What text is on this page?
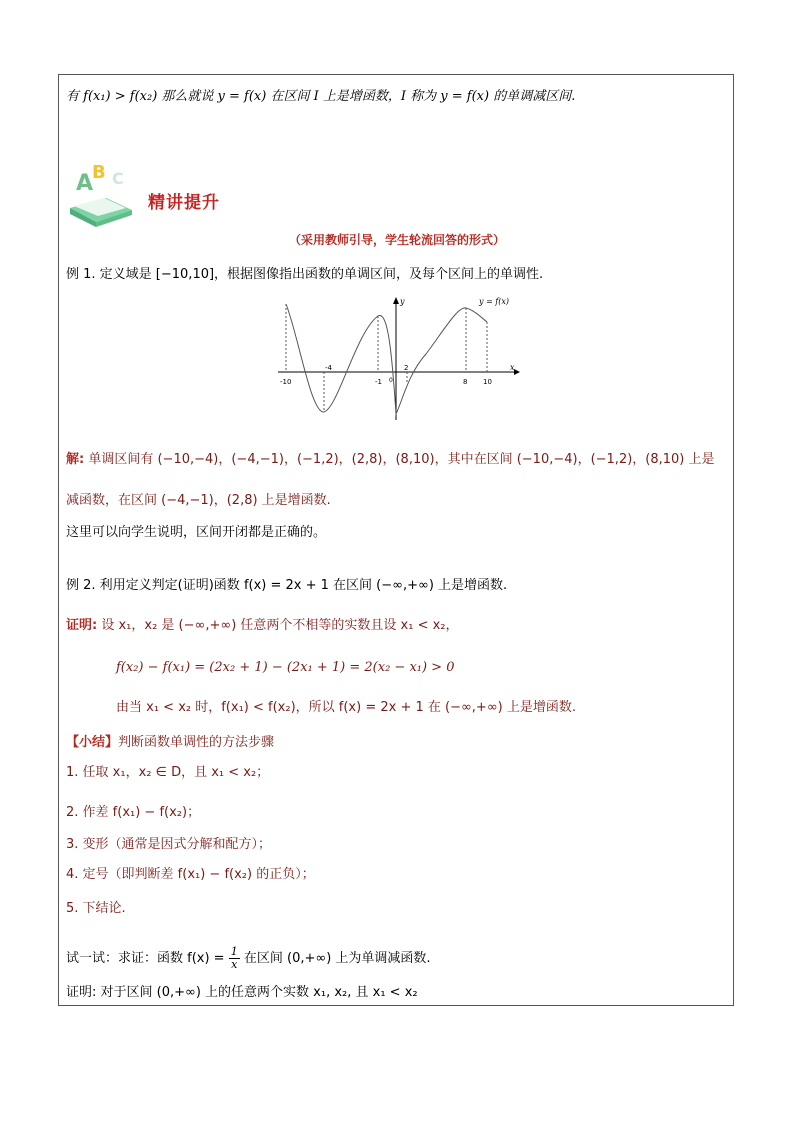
有 f(x₁) > f(x₂) 那么就说 y = f(x) 在区间 I 上是增函数，I 称为 y = f(x) 的单调减区间.
A
B C
精讲提升
（采用教师引导，学生轮流回答的形式）
例 1. 定义域是 [−10,10]，根据图像指出函数的单调区间，及每个区间上的单调性.
x
y	y = f(x)
0
-10
-4
-1
2
8 10
解: 单调区间有 (−10,−4)，(−4,−1)，(−1,2)，(2,8)，(8,10)，其中在区间 (−10,−4)，(−1,2)，(8,10) 上是
减函数，在区间 (−4,−1)，(2,8) 上是增函数.
这里可以向学生说明，区间开闭都是正确的。
例 2. 利用定义判定(证明)函数 f(x) = 2x + 1 在区间 (−∞,+∞) 上是增函数.
证明: 设 x₁，x₂ 是 (−∞,+∞) 任意两个不相等的实数且设 x₁ < x₂，
f(x₂) − f(x₁) = (2x₂ + 1) − (2x₁ + 1) = 2(x₂ − x₁) > 0
由当 x₁ < x₂ 时，f(x₁) < f(x₂)，所以 f(x) = 2x + 1 在 (−∞,+∞) 上是增函数.
【小结】判断函数单调性的方法步骤
1. 任取 x₁，x₂ ∈ D，且 x₁ < x₂；
2. 作差 f(x₁) − f(x₂)；
3. 变形（通常是因式分解和配方）；
4. 定号（即判断差 f(x₁) − f(x₂) 的正负）；
5. 下结论.
试一试：求证：函数 $f(x) = \frac{1}{x}$ 在区间 (0,+∞) 上为单调减函数.
证明: 对于区间 (0,+∞) 上的任意两个实数 x₁, x₂, 且 x₁ < x₂
